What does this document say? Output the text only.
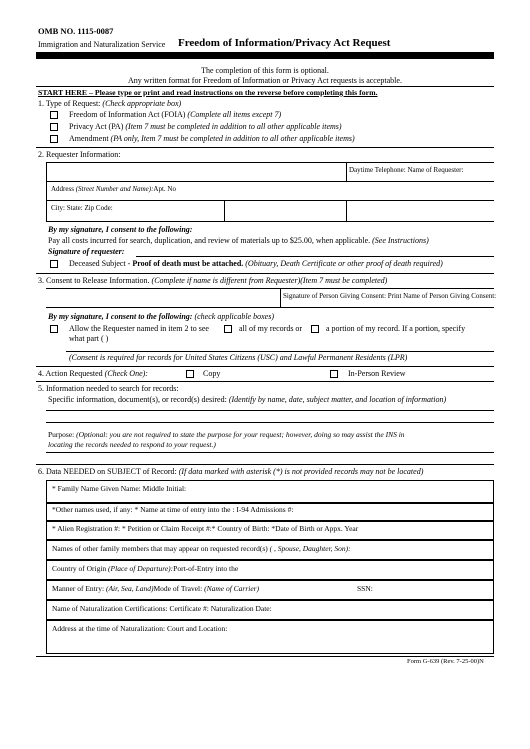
OMB NO. 1115-0087
Immigration and Naturalization Service Freedom of Information/Privacy Act Request
The completion of this form is optional.
Any written format for Freedom of Information or Privacy Act requests is acceptable.
START HERE – Please type or print and read instructions on the reverse before completing this form.
1. Type of Request: (Check appropriate box)
Freedom of Information Act (FOIA) (Complete all items except 7)
Privacy Act (PA) (Item 7 must be completed in addition to all other applicable items)
Amendment (PA only, Item 7 must be completed in addition to all other applicable items)
2. Requester Information:
Daytime Telephone: Name of Requester:
Address (Street Number and Name):Apt. No
City: State: Zip Code:
By my signature, I consent to the following:
Pay all costs incurred for search, duplication, and review of materials up to $25.00, when applicable. (See Instructions)
Signature of requester:
Deceased Subject - Proof of death must be attached. (Obituary, Death Certificate or other proof of death required)
3. Consent to Release Information. (Complete if name is different from Requester)(Item 7 must be completed)
Signature of Person Giving Consent: Print Name of Person Giving Consent:
By my signature, I consent to the following: (check applicable boxes)
Allow the Requester named in item 2 to see	all of my records or	a portion of my record. If a portion, specify
what part ( )
(Consent is required for records for United States Citizens (USC) and Lawful Permanent Residents (LPR)
4. Action Requested (Check One):	Copy	In-Person Review
5. Information needed to search for records:
Specific information, document(s), or record(s) desired: (Identify by name, date, subject matter, and location of information)
Purpose: (Optional: you are not required to state the purpose for your request; however, doing so may assist the INS in
locating the records needed to respond to your request.)
6. Data NEEDED on SUBJECT of Record: (If data marked with asterisk (*) is not provided records may not be located)
* Family Name Given Name: Middle Initial:
*Other names used, if any: * Name at time of entry into the : I-94 Admissions #:
* Alien Registration #: * Petition or Claim Receipt #:* Country of Birth: *Date of Birth or Appx. Year
Names of other family members that may appear on requested record(s) ( , Spouse, Daughter, Son):
Country of Origin (Place of Departure):Port-of-Entry into the
Manner of Entry: (Air, Sea, Land)Mode of Travel: (Name of Carrier)	SSN:
Name of Naturalization Certifications: Certificate #: Naturalization Date:
Address at the time of Naturalization: Court and Location:
Form G-639 (Rev. 7-25-00)N
